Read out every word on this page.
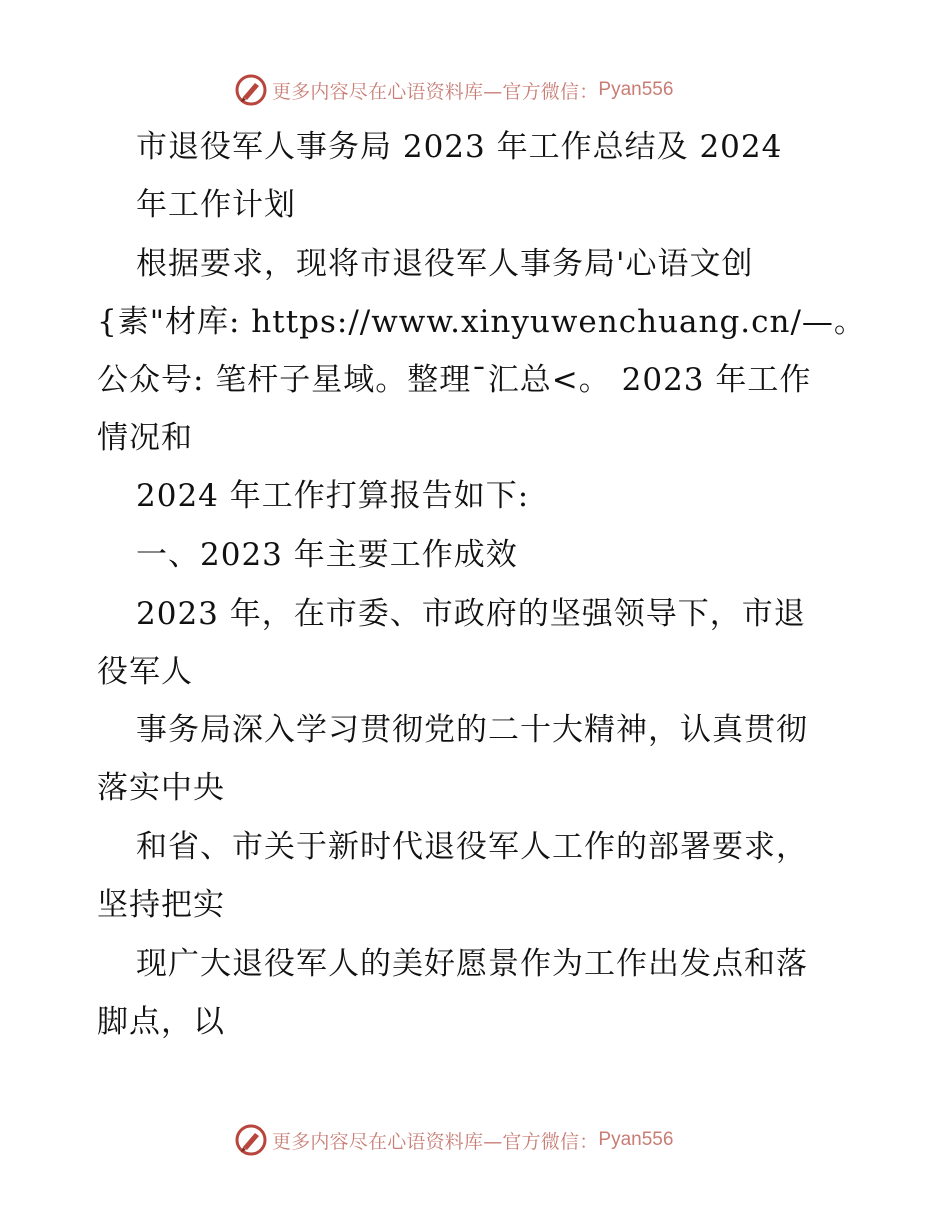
更多内容尽在心语资料库—官方微信： Pyan556
市退役军人事务局 2023 年工作总结及 2024
年工作计划
根据要求，现将市退役军人事务局'心语文创
{素"材库: https://www.xinyuwenchuang.cn/—。
公众号: 笔杆子星域。整理¯汇总<。 2023 年工作
情况和
2024 年工作打算报告如下:
一、2023 年主要工作成效
2023 年，在市委、市政府的坚强领导下，市退
役军人
事务局深入学习贯彻党的二十大精神，认真贯彻
落实中央
和省、市关于新时代退役军人工作的部署要求，
坚持把实
现广大退役军人的美好愿景作为工作出发点和落
脚点，以
更多内容尽在心语资料库—官方微信： Pyan556
